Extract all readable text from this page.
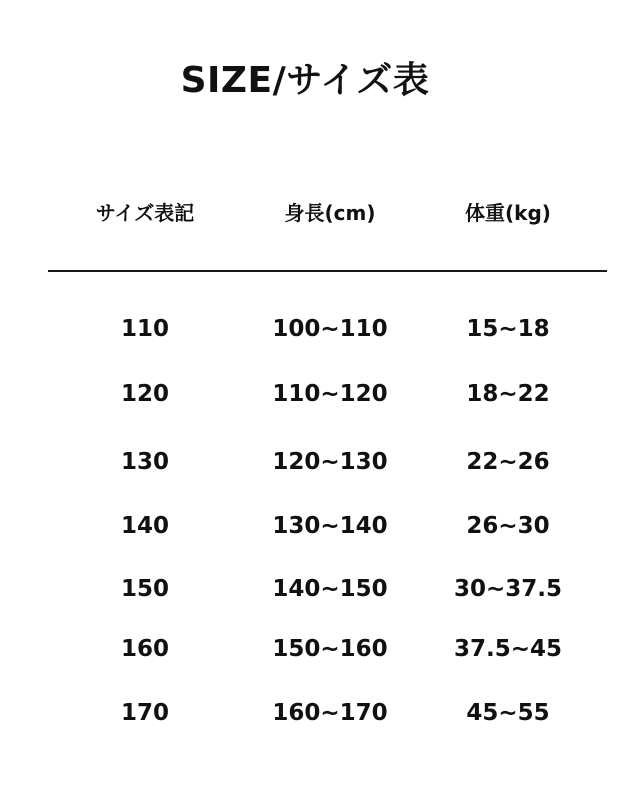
SIZE/サイズ表
サイズ表記	身長(cm)	体重(kg)
110	100~110	15~18
120	110~120	18~22
130	120~130	22~26
140	130~140	26~30
150	140~150	30~37.5
160	150~160	37.5~45
170	160~170	45~55
